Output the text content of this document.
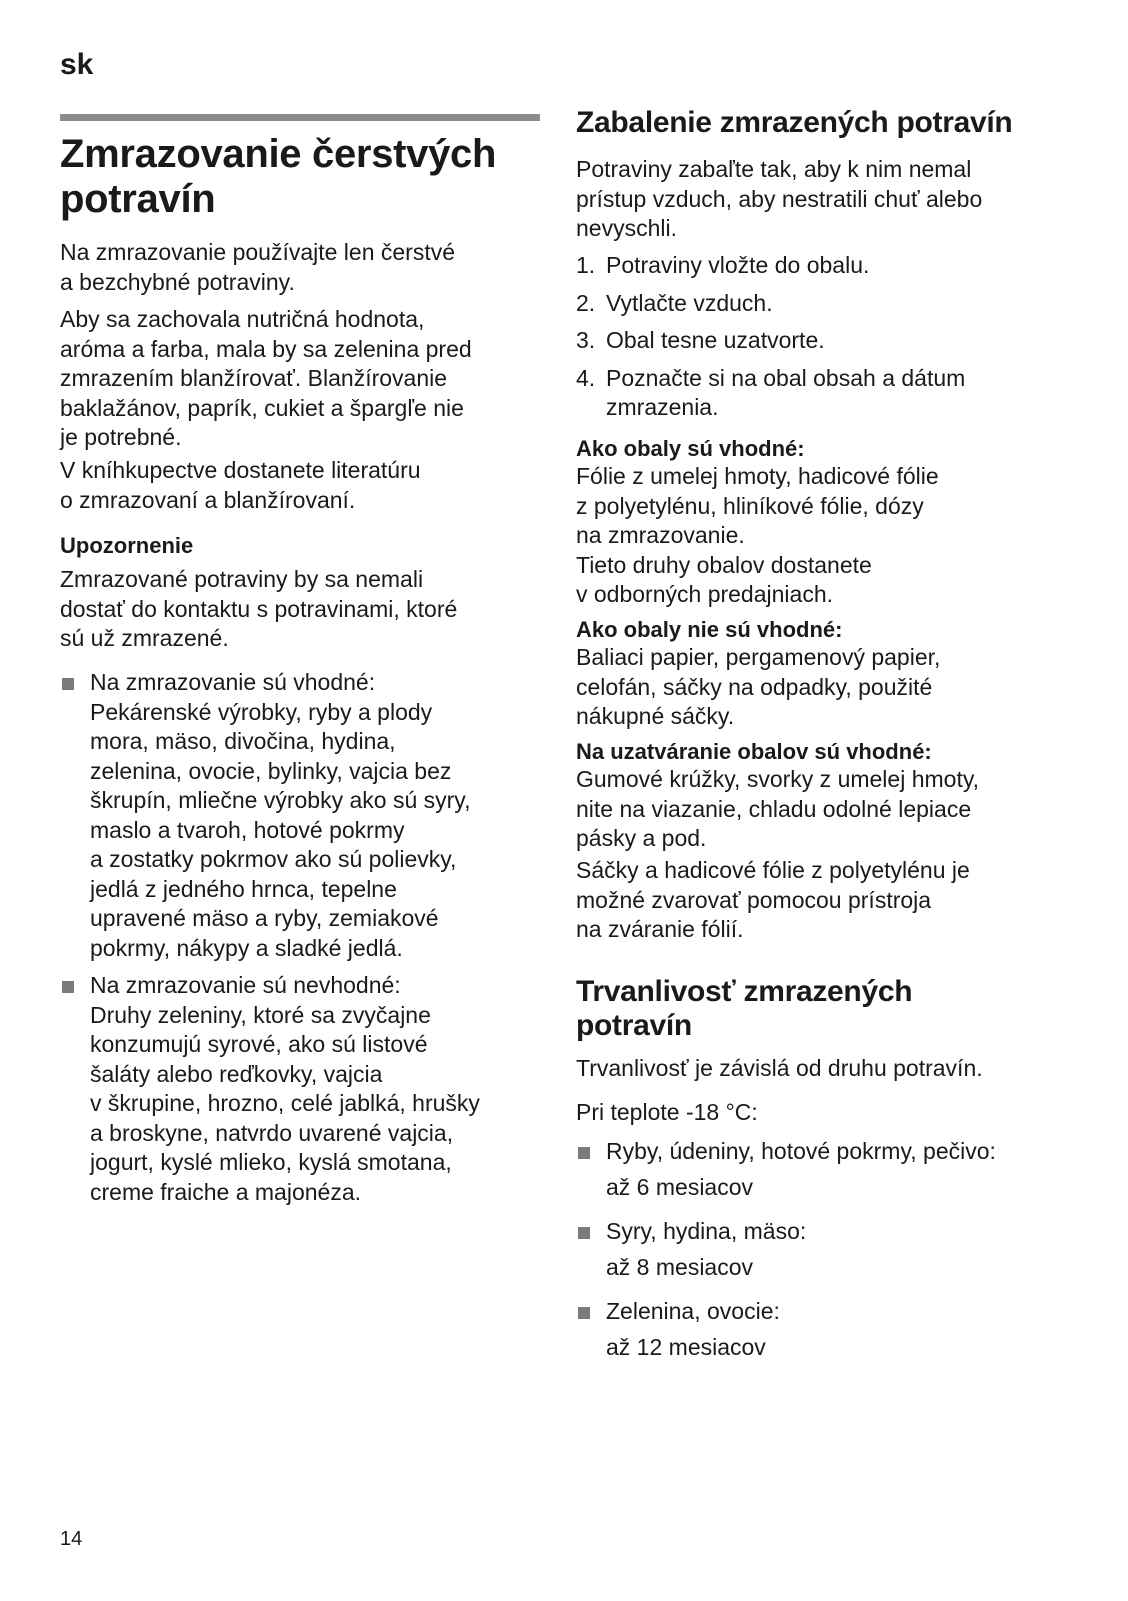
sk
Zmrazovanie čerstvých
potravín

Na zmrazovanie používajte len čerstvé
a bezchybné potraviny.

Aby sa zachovala nutričná hodnota,
aróma a farba, mala by sa zelenina pred
zmrazením blanžírovať. Blanžírovanie
baklažánov, paprík, cukiet a špargľe nie
je potrebné.

V kníhkupectve dostanete literatúru
o zmrazovaní a blanžírovaní.

Upozornenie

Zmrazované potraviny by sa nemali
dostať do kontaktu s potravinami, ktoré
sú už zmrazené.

Na zmrazovanie sú vhodné:
Pekárenské výrobky, ryby a plody
mora, mäso, divočina, hydina,
zelenina, ovocie, bylinky, vajcia bez
škrupín, mliečne výrobky ako sú syry,
maslo a tvaroh, hotové pokrmy
a zostatky pokrmov ako sú polievky,
jedlá z jedného hrnca, tepelne
upravené mäso a ryby, zemiakové
pokrmy, nákypy a sladké jedlá.
Na zmrazovanie sú nevhodné:
Druhy zeleniny, ktoré sa zvyčajne
konzumujú syrové, ako sú listové
šaláty alebo reďkovky, vajcia
v škrupine, hrozno, celé jablká, hrušky
a broskyne, natvrdo uvarené vajcia,
jogurt, kyslé mlieko, kyslá smotana,
creme fraiche a majonéza.

Zabalenie zmrazených potravín

Potraviny zabaľte tak, aby k nim nemal
prístup vzduch, aby nestratili chuť alebo
nevyschli.

1. Potraviny vložte do obalu.
2. Vytlačte vzduch.
3. Obal tesne uzatvorte.
4. Poznačte si na obal obsah a dátum
zmrazenia.

Ako obaly sú vhodné:

Fólie z umelej hmoty, hadicové fólie
z polyetylénu, hliníkové fólie, dózy
na zmrazovanie.
Tieto druhy obalov dostanete
v odborných predajniach.

Ako obaly nie sú vhodné:

Baliaci papier, pergamenový papier,
celofán, sáčky na odpadky, použité
nákupné sáčky.

Na uzatváranie obalov sú vhodné:

Gumové krúžky, svorky z umelej hmoty,
nite na viazanie, chladu odolné lepiace
pásky a pod.

Sáčky a hadicové fólie z polyetylénu je
možné zvarovať pomocou prístroja
na zváranie fólií.

Trvanlivosť zmrazených
potravín

Trvanlivosť je závislá od druhu potravín.

Pri teplote -18 °C:

Ryby, údeniny, hotové pokrmy, pečivo:
až 6 mesiacov
Syry, hydina, mäso:
až 8 mesiacov
Zelenina, ovocie:
až 12 mesiacov
14
